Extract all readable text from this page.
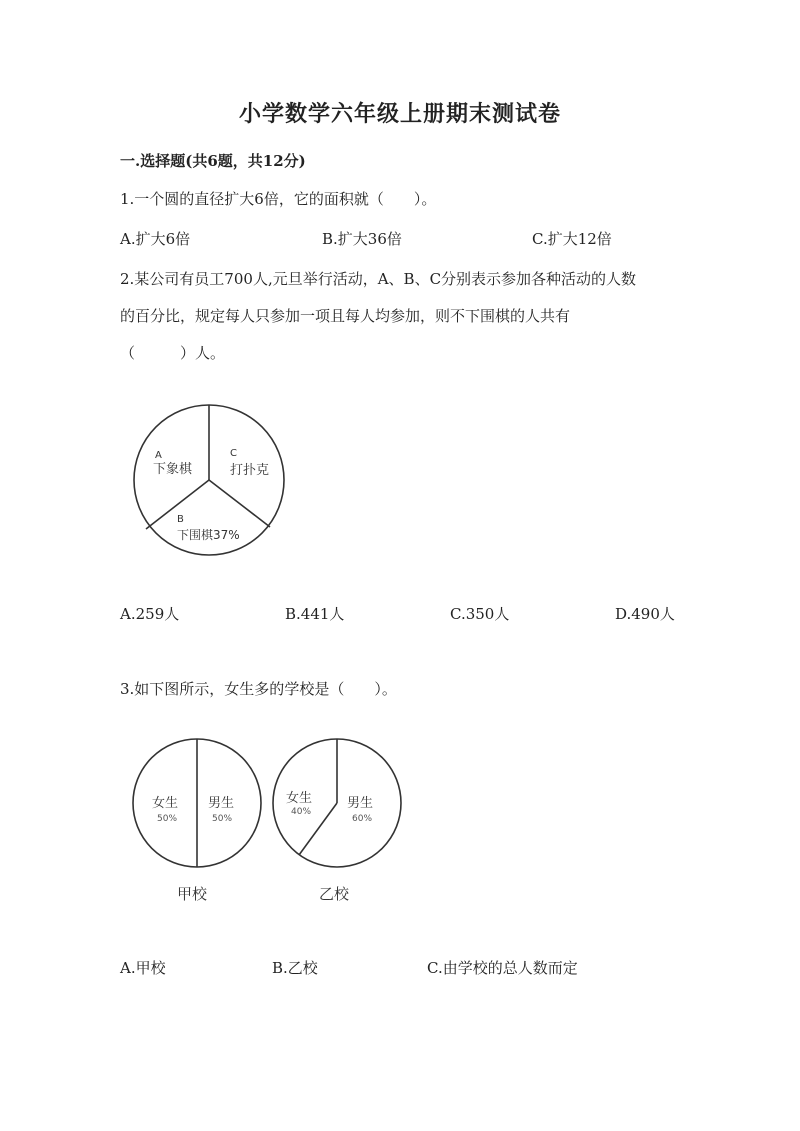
小学数学六年级上册期末测试卷
一.选择题(共6题，共12分)
1.一个圆的直径扩大6倍，它的面积就（　　）。
A.扩大6倍	B.扩大36倍	C.扩大12倍
2.某公司有员工700人,元旦举行活动，A、B、C分别表示参加各种活动的人数
的百分比，规定每人只参加一项且每人均参加，则不下围棋的人共有
（　　　）人。
A
下象棋
C
打扑克
B
下围棋37%
A.259人	B.441人	C.350人	D.490人
3.如下图所示，女生多的学校是（　　）。
女生
50%
男生
50%
甲校
女生
40%
男生
60%
乙校
A.甲校	B.乙校	C.由学校的总人数而定
